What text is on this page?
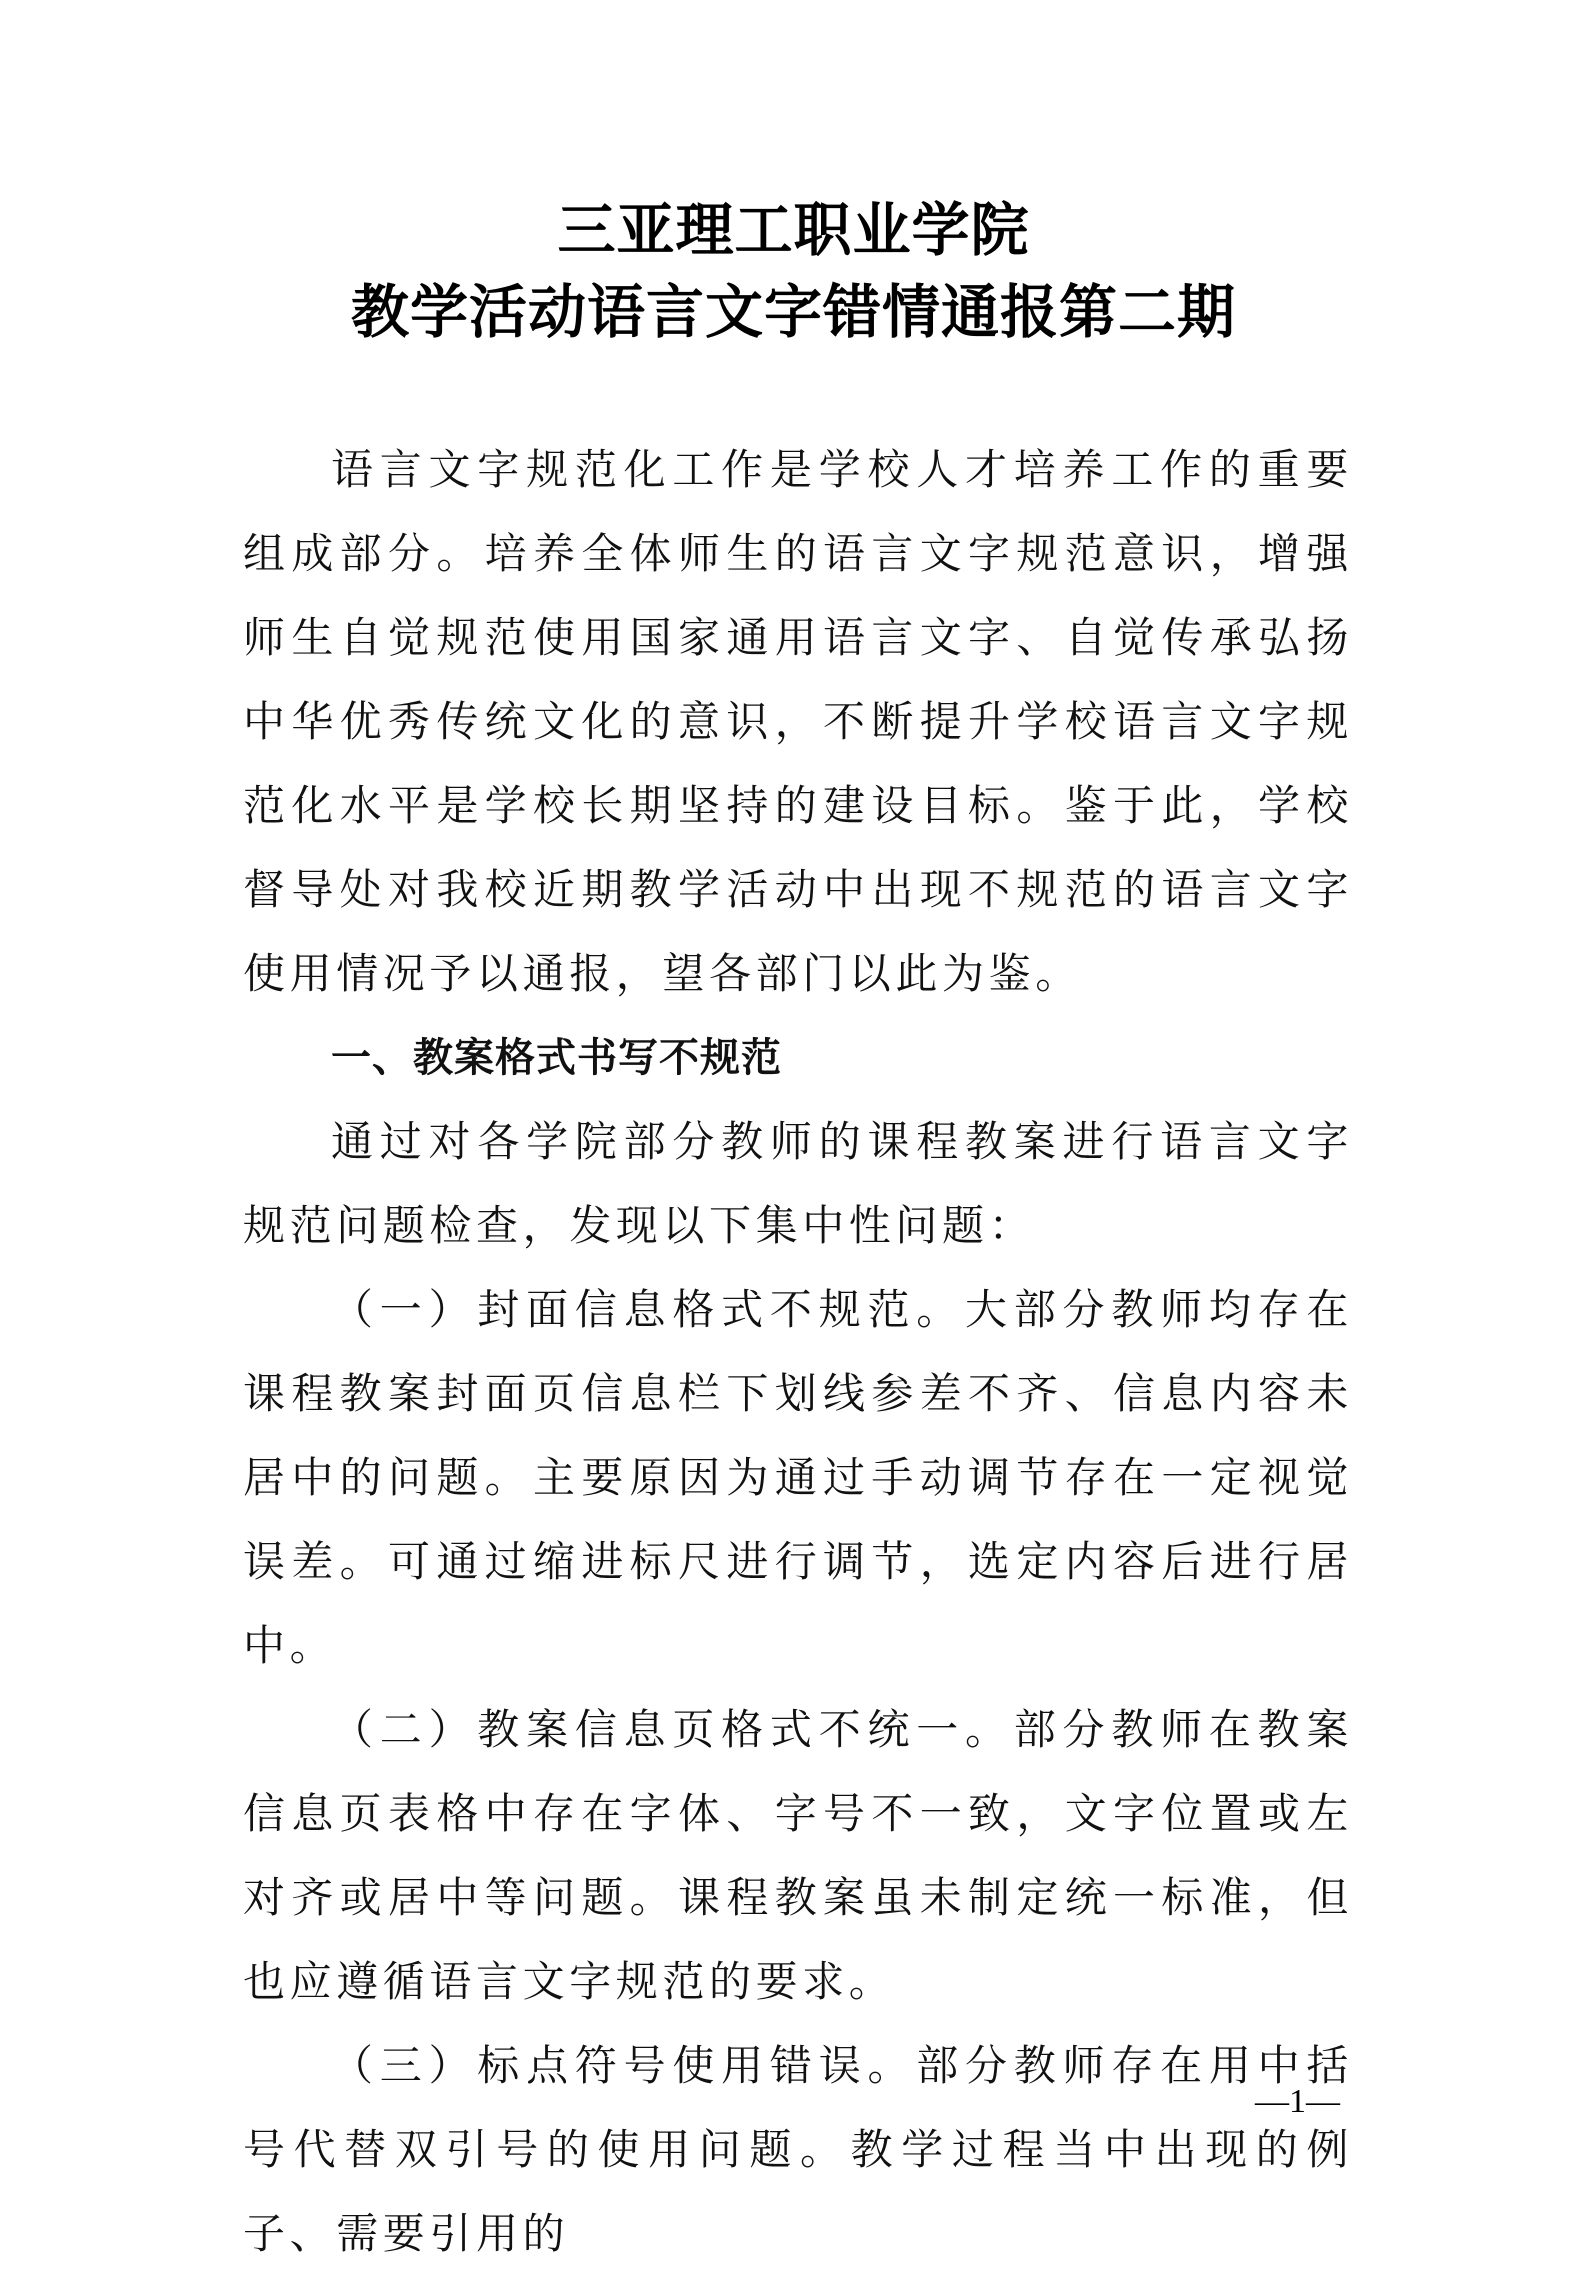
三亚理工职业学院
教学活动语言文字错情通报第二期

语言文字规范化工作是学校人才培养工作的重要组成部分。培养全体师生的语言文字规范意识，增强师生自觉规范使用国家通用语言文字、自觉传承弘扬中华优秀传统文化的意识，不断提升学校语言文字规范化水平是学校长期坚持的建设目标。鉴于此，学校督导处对我校近期教学活动中出现不规范的语言文字使用情况予以通报，望各部门以此为鉴。

一、教案格式书写不规范

通过对各学院部分教师的课程教案进行语言文字规范问题检查，发现以下集中性问题：

（一）封面信息格式不规范。大部分教师均存在课程教案封面页信息栏下划线参差不齐、信息内容未居中的问题。主要原因为通过手动调节存在一定视觉误差。可通过缩进标尺进行调节，选定内容后进行居中。

（二）教案信息页格式不统一。部分教师在教案信息页表格中存在字体、字号不一致，文字位置或左对齐或居中等问题。课程教案虽未制定统一标准，但也应遵循语言文字规范的要求。

（三）标点符号使用错误。部分教师存在用中括号代替双引号的使用问题。教学过程当中出现的例子、需要引用的

—1—
